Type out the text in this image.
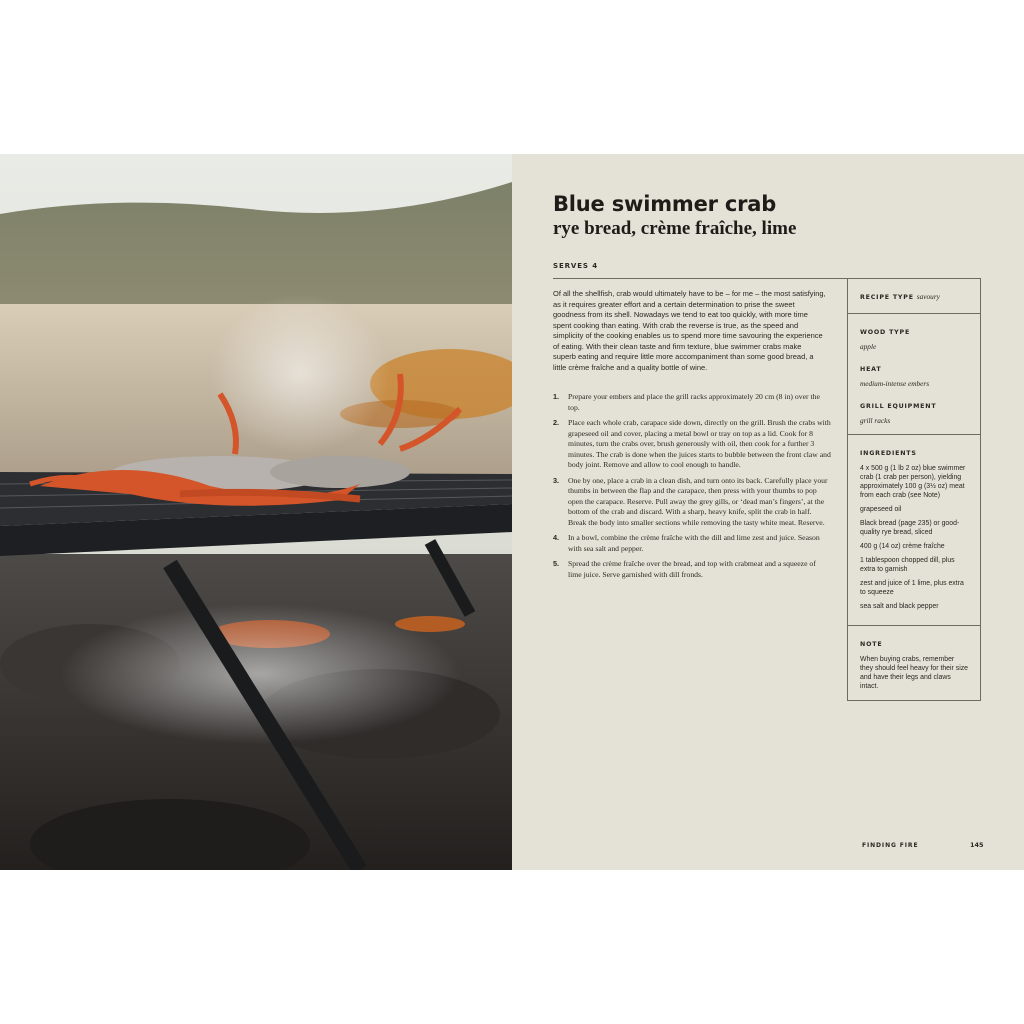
Blue swimmer crab
rye bread, crème fraîche, lime
SERVES 4

Of all the shellfish, crab would ultimately have to be – for me – the most satisfying, as it requires greater effort and a certain determination to prise the sweet goodness from its shell. Nowadays we tend to eat too quickly, with more time spent cooking than eating. With crab the reverse is true, as the speed and simplicity of the cooking enables us to spend more time savouring the experience of eating. With their clean taste and firm texture, blue swimmer crabs make superb eating and require little more accompaniment than some good bread, a little crème fraîche and a quality bottle of wine.

1. Prepare your embers and place the grill racks approximately 20 cm (8 in) over the top.
2. Place each whole crab, carapace side down, directly on the grill. Brush the crabs with grapeseed oil and cover, placing a metal bowl or tray on top as a lid. Cook for 8 minutes, turn the crabs over, brush generously with oil, then cook for a further 3 minutes. The crab is done when the juices starts to bubble between the front claw and body joint. Remove and allow to cool enough to handle.
3. One by one, place a crab in a clean dish, and turn onto its back. Carefully place your thumbs in between the flap and the carapace, then press with your thumbs to pop open the carapace. Reserve. Pull away the grey gills, or ‘dead man’s fingers’, at the bottom of the crab and discard. With a sharp, heavy knife, split the crab in half. Break the body into smaller sections while removing the tasty white meat. Reserve.
4. In a bowl, combine the crème fraîche with the dill and lime zest and juice. Season with sea salt and pepper.
5. Spread the crème fraîche over the bread, and top with crabmeat and a squeeze of lime juice. Serve garnished with dill fronds.
RECIPE TYPE savoury
WOOD TYPE
apple
HEAT
medium-intense embers
GRILL EQUIPMENT
grill racks
INGREDIENTS
4 x 500 g (1 lb 2 oz) blue swimmer crab (1 crab per person), yielding approximately 100 g (3½ oz) meat from each crab (see Note)
grapeseed oil
Black bread (page 235) or good-quality rye bread, sliced
400 g (14 oz) crème fraîche
1 tablespoon chopped dill, plus extra to garnish
zest and juice of 1 lime, plus extra to squeeze
sea salt and black pepper
NOTE
When buying crabs, remember they should feel heavy for their size and have their legs and claws intact.
FINDING FIRE	145
